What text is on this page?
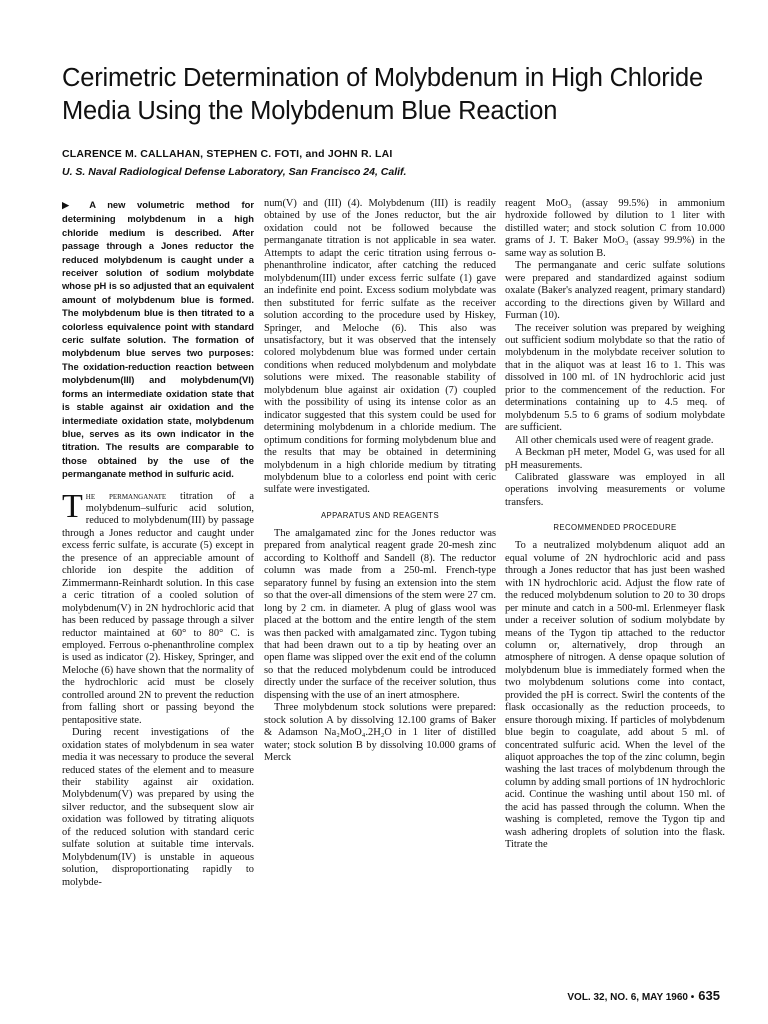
Cerimetric Determination of Molybdenum in High Chloride Media Using the Molybdenum Blue Reaction
CLARENCE M. CALLAHAN, STEPHEN C. FOTI, and JOHN R. LAI
U. S. Naval Radiological Defense Laboratory, San Francisco 24, Calif.

▶ A new volumetric method for determining molybdenum in a high chloride medium is described. After passage through a Jones reductor the reduced molybdenum is caught under a receiver solution of sodium molybdate whose pH is so adjusted that an equivalent amount of molybdenum blue is formed. The molybdenum blue is then titrated to a colorless equivalence point with standard ceric sulfate solution. The formation of molybdenum blue serves two purposes: The oxidation-reduction reaction between molybdenum(III) and molybdenum(VI) forms an intermediate oxidation state that is stable against air oxidation and the intermediate oxidation state, molybdenum blue, serves as its own indicator in the titration. The results are comparable to those obtained by the use of the permanganate method in sulfuric acid.

The permanganate titration of a molybdenum–sulfuric acid solution, reduced to molybdenum(III) by passage through a Jones reductor and caught under excess ferric sulfate, is accurate (5) except in the presence of an appreciable amount of chloride ion despite the addition of Zimmermann-Reinhardt solution. In this case a ceric titration of a cooled solution of molybdenum(V) in 2N hydrochloric acid that has been reduced by passage through a silver reductor maintained at 60° to 80° C. is employed. Ferrous o-phenanthroline complex is used as indicator (2). Hiskey, Springer, and Meloche (6) have shown that the normality of the hydrochloric acid must be closely controlled around 2N to prevent the reduction from falling short or passing beyond the pentapositive state.

During recent investigations of the oxidation states of molybdenum in sea water media it was necessary to produce the several reduced states of the element and to measure their stability against air oxidation. Molybdenum(V) was prepared by using the silver reductor, and the subsequent slow air oxidation was followed by titrating aliquots of the reduced solution with standard ceric sulfate solution at suitable time intervals. Molybdenum(IV) is unstable in aqueous solution, disproportionating rapidly to molybde-

num(V) and (III) (4). Molybdenum (III) is readily obtained by use of the Jones reductor, but the air oxidation could not be followed because the permanganate titration is not applicable in sea water. Attempts to adapt the ceric titration using ferrous o-phenanthroline indicator, after catching the reduced molybdenum(III) under excess ferric sulfate (1) gave an indefinite end point. Excess sodium molybdate was then substituted for ferric sulfate as the receiver solution according to the procedure used by Hiskey, Springer, and Meloche (6). This also was unsatisfactory, but it was observed that the intensely colored molybdenum blue was formed under certain conditions when reduced molybdenum and molybdate solutions were mixed. The reasonable stability of molybdenum blue against air oxidation (7) coupled with the possibility of using its intense color as an indicator suggested that this system could be used for determining molybdenum in a chloride medium. The optimum conditions for forming molybdenum blue and the results that may be obtained in determining molybdenum in a high chloride medium by titrating molybdenum blue to a colorless end point with ceric sulfate were investigated.

APPARATUS AND REAGENTS

The amalgamated zinc for the Jones reductor was prepared from analytical reagent grade 20-mesh zinc according to Kolthoff and Sandell (8). The reductor column was made from a 250-ml. French-type separatory funnel by fusing an extension into the stem so that the over-all dimensions of the stem were 27 cm. long by 2 cm. in diameter. A plug of glass wool was placed at the bottom and the entire length of the stem was then packed with amalgamated zinc. Tygon tubing that had been drawn out to a tip by heating over an open flame was slipped over the exit end of the column so that the reduced molybdenum could be introduced directly under the surface of the receiver solution, thus dispensing with the use of an inert atmosphere.

Three molybdenum stock solutions were prepared: stock solution A by dissolving 12.100 grams of Baker & Adamson Na₂MoO₄.2H₂O in 1 liter of distilled water; stock solution B by dissolving 10.000 grams of Merck

reagent MoO₃ (assay 99.5%) in ammonium hydroxide followed by dilution to 1 liter with distilled water; and stock solution C from 10.000 grams of J. T. Baker MoO₃ (assay 99.9%) in the same way as solution B.

The permanganate and ceric sulfate solutions were prepared and standardized against sodium oxalate (Baker's analyzed reagent, primary standard) according to the directions given by Willard and Furman (10).

The receiver solution was prepared by weighing out sufficient sodium molybdate so that the ratio of molybdenum in the molybdate receiver solution to that in the aliquot was at least 16 to 1. This was dissolved in 100 ml. of 1N hydrochloric acid just prior to the commencement of the reduction. For determinations containing up to 4.5 meq. of molybdenum 5.5 to 6 grams of sodium molybdate are sufficient.

All other chemicals used were of reagent grade.

A Beckman pH meter, Model G, was used for all pH measurements.

Calibrated glassware was employed in all operations involving measurements or volume transfers.

RECOMMENDED PROCEDURE

To a neutralized molybdenum aliquot add an equal volume of 2N hydrochloric acid and pass through a Jones reductor that has just been washed with 1N hydrochloric acid. Adjust the flow rate of the reduced molybdenum solution to 20 to 30 drops per minute and catch in a 500-ml. Erlenmeyer flask under a receiver solution of sodium molybdate by means of the Tygon tip attached to the reductor column or, alternatively, drop through an atmosphere of nitrogen. A dense opaque solution of molybdenum blue is immediately formed when the two molybdenum solutions come into contact, provided the pH is correct. Swirl the contents of the flask occasionally as the reduction proceeds, to ensure thorough mixing. If particles of molybdenum blue begin to coagulate, add about 5 ml. of concentrated sulfuric acid. When the level of the aliquot approaches the top of the zinc column, begin washing the last traces of molybdenum through the column by adding small portions of 1N hydrochloric acid. Continue the washing until about 150 ml. of the acid has passed through the column. When the washing is completed, remove the Tygon tip and wash adhering droplets of solution into the flask. Titrate the

VOL. 32, NO. 6, MAY 1960 • 635
